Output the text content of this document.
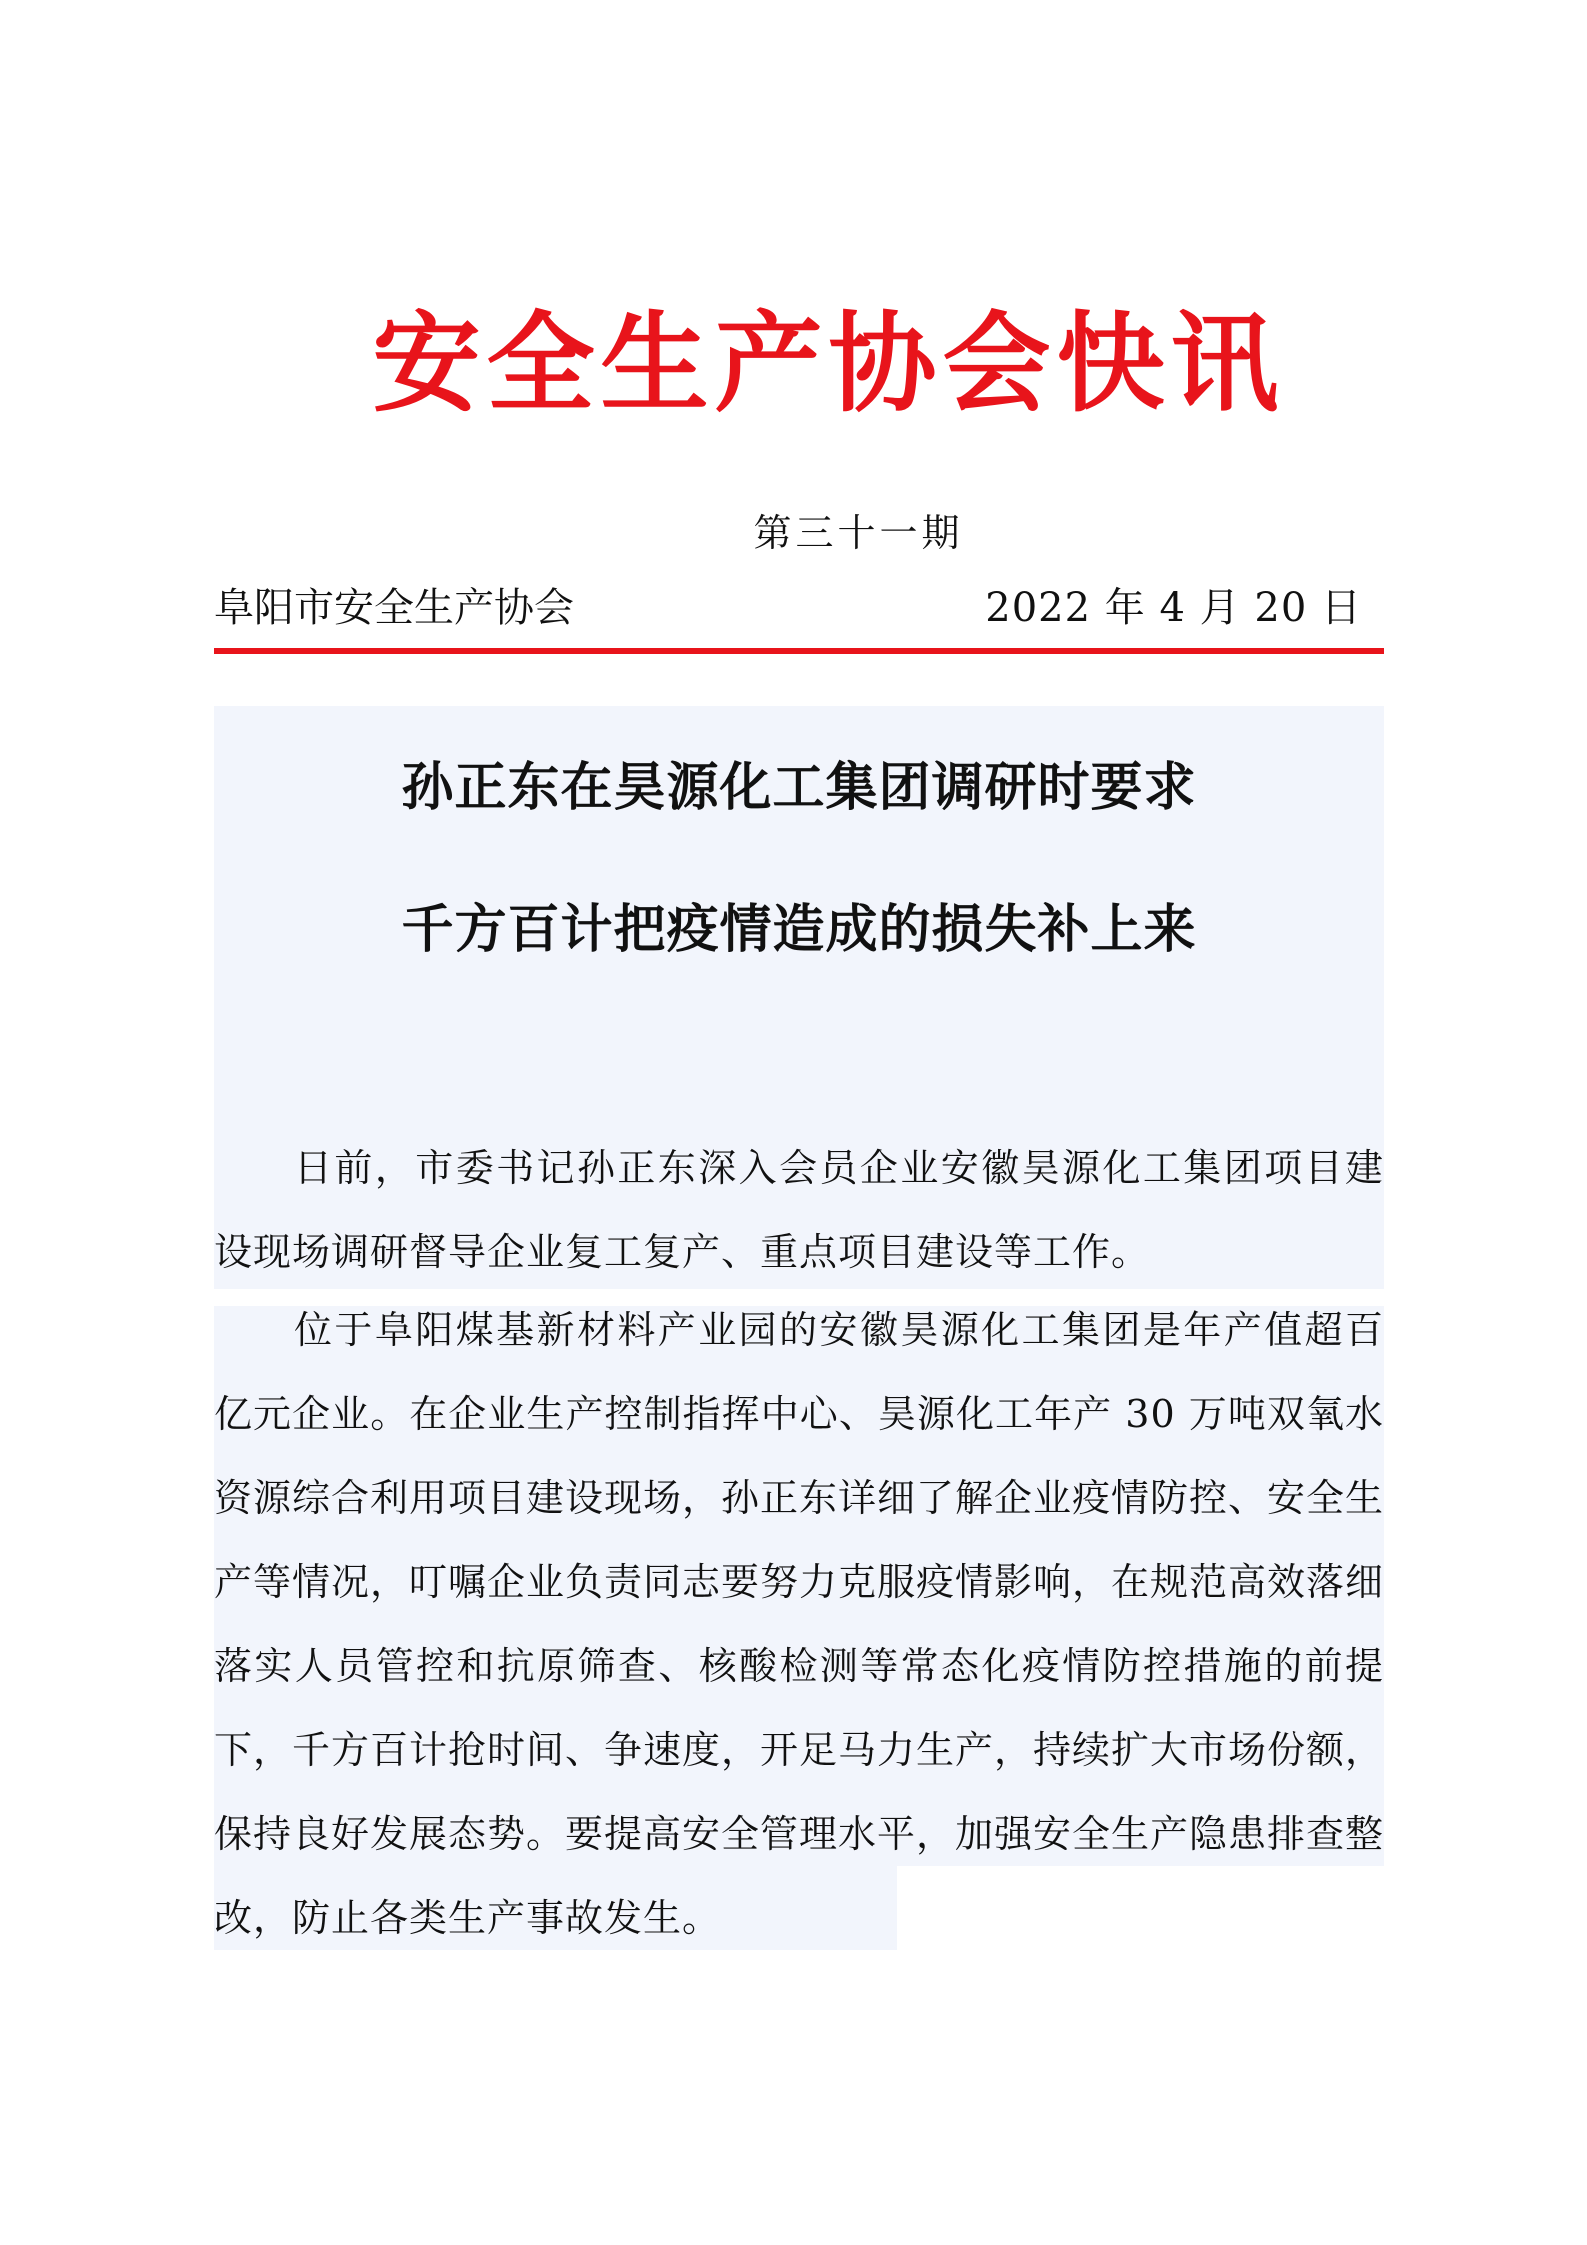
安全生产协会快讯
第三十一期
阜阳市安全生产协会	2022 年 4 月 20 日
孙正东在昊源化工集团调研时要求
千方百计把疫情造成的损失补上来

日前，市委书记孙正东深入会员企业安徽昊源化工集团项目建设现场调研督导企业复工复产、重点项目建设等工作。

位于阜阳煤基新材料产业园的安徽昊源化工集团是年产值超百亿元企业。在企业生产控制指挥中心、昊源化工年产 30 万吨双氧水资源综合利用项目建设现场，孙正东详细了解企业疫情防控、安全生产等情况，叮嘱企业负责同志要努力克服疫情影响，在规范高效落细落实人员管控和抗原筛查、核酸检测等常态化疫情防控措施的前提下，千方百计抢时间、争速度，开足马力生产，持续扩大市场份额，保持良好发展态势。要提高安全管理水平，加强安全生产隐患排查整改，防止各类生产事故发生。
